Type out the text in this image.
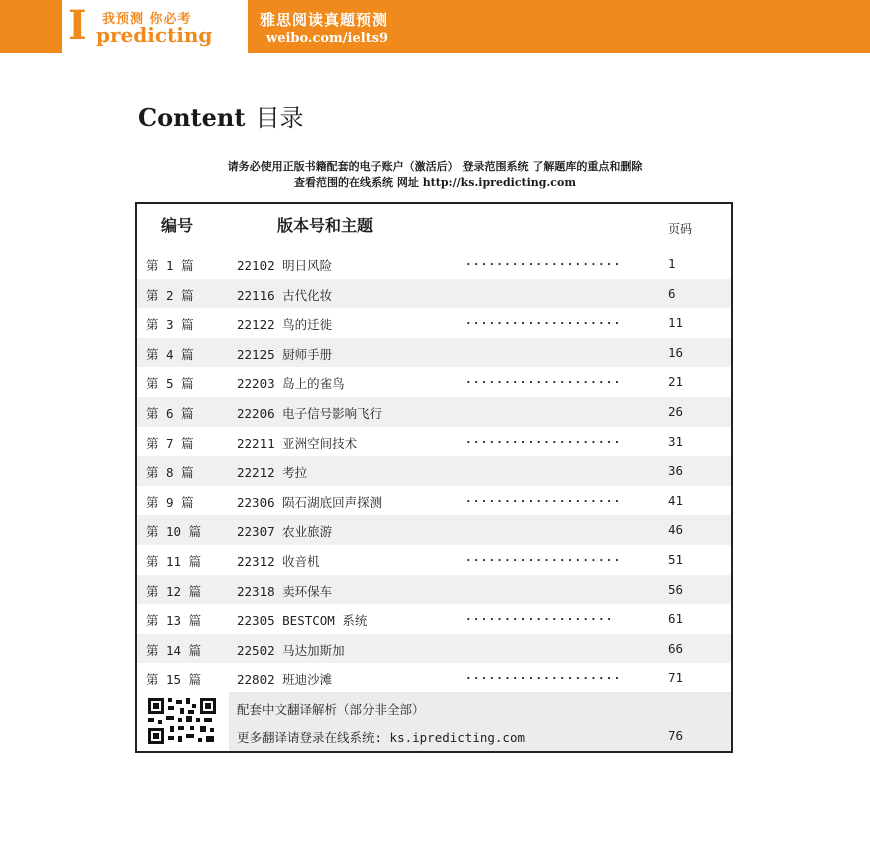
I 我预测 你必考
predicting
雅思阅读真题预测
weibo.com/ielts9
Content 目录
请务必使用正版书籍配套的电子账户（激活后） 登录范围系统 了解题库的重点和删除
查看范围的在线系统 网址 http://ks.ipredicting.com
编号	版本号和主题	页码
第 1 篇	22102 明日风险	....................	1
第 2 篇	22116 古代化妆	6
第 3 篇	22122 鸟的迁徙	....................	11
第 4 篇	22125 厨师手册	16
第 5 篇	22203 岛上的雀鸟	....................	21
第 6 篇	22206 电子信号影响飞行	26
第 7 篇	22211 亚洲空间技术	....................	31
第 8 篇	22212 考拉	36
第 9 篇	22306 陨石湖底回声探测	....................	41
第 10 篇	22307 农业旅游	46
第 11 篇	22312 收音机	....................	51
第 12 篇	22318 卖环保车	56
第 13 篇	22305 BESTCOM 系统	...................	61
第 14 篇	22502 马达加斯加	66
第 15 篇	22802 班迪沙滩	....................	71
配套中文翻译解析（部分非全部）
更多翻译请登录在线系统: ks.ipredicting.com	76
